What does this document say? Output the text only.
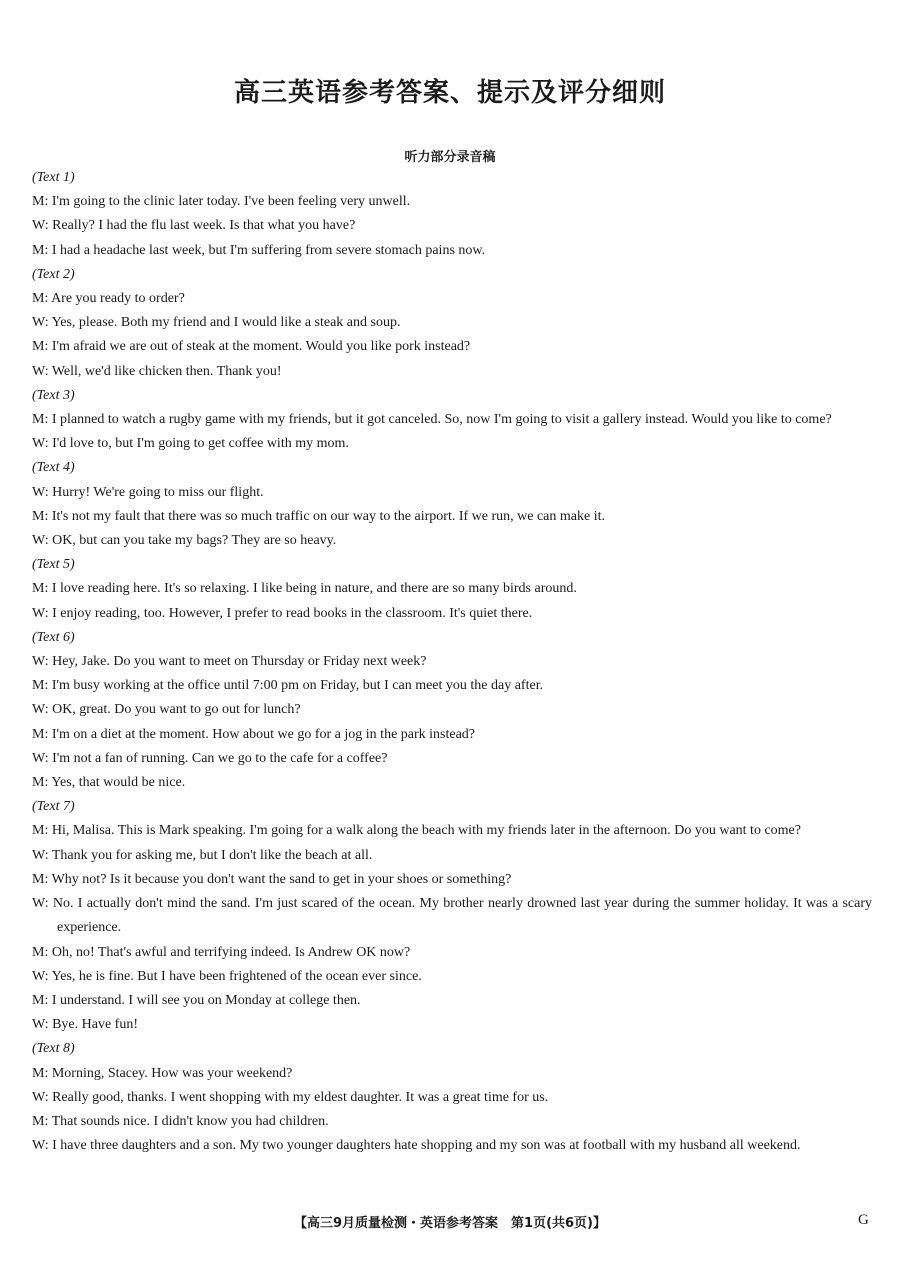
高三英语参考答案、提示及评分细则
听力部分录音稿

(Text 1)

M: I'm going to the clinic later today. I've been feeling very unwell.

W: Really? I had the flu last week. Is that what you have?

M: I had a headache last week, but I'm suffering from severe stomach pains now.

(Text 2)

M: Are you ready to order?

W: Yes, please. Both my friend and I would like a steak and soup.

M: I'm afraid we are out of steak at the moment. Would you like pork instead?

W: Well, we'd like chicken then. Thank you!

(Text 3)

M: I planned to watch a rugby game with my friends, but it got canceled. So, now I'm going to visit a gallery instead. Would you like to come?

W: I'd love to, but I'm going to get coffee with my mom.

(Text 4)

W: Hurry! We're going to miss our flight.

M: It's not my fault that there was so much traffic on our way to the airport. If we run, we can make it.

W: OK, but can you take my bags? They are so heavy.

(Text 5)

M: I love reading here. It's so relaxing. I like being in nature, and there are so many birds around.

W: I enjoy reading, too. However, I prefer to read books in the classroom. It's quiet there.

(Text 6)

W: Hey, Jake. Do you want to meet on Thursday or Friday next week?

M: I'm busy working at the office until 7:00 pm on Friday, but I can meet you the day after.

W: OK, great. Do you want to go out for lunch?

M: I'm on a diet at the moment. How about we go for a jog in the park instead?

W: I'm not a fan of running. Can we go to the cafe for a coffee?

M: Yes, that would be nice.

(Text 7)

M: Hi, Malisa. This is Mark speaking. I'm going for a walk along the beach with my friends later in the afternoon. Do you want to come?

W: Thank you for asking me, but I don't like the beach at all.

M: Why not? Is it because you don't want the sand to get in your shoes or something?

W: No. I actually don't mind the sand. I'm just scared of the ocean. My brother nearly drowned last year during the summer holiday. It was a scary experience.

M: Oh, no! That's awful and terrifying indeed. Is Andrew OK now?

W: Yes, he is fine. But I have been frightened of the ocean ever since.

M: I understand. I will see you on Monday at college then.

W: Bye. Have fun!

(Text 8)

M: Morning, Stacey. How was your weekend?

W: Really good, thanks. I went shopping with my eldest daughter. It was a great time for us.

M: That sounds nice. I didn't know you had children.

W: I have three daughters and a son. My two younger daughters hate shopping and my son was at football with my husband all weekend.

【高三9月质量检测・英语参考答案　第1页(共6页)】	G
